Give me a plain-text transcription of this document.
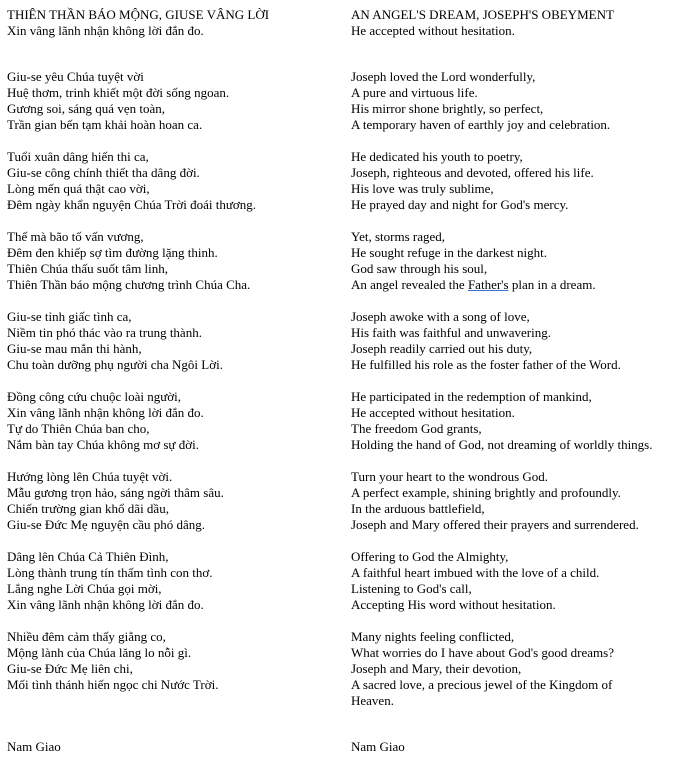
THIÊN THẦN BÁO MỘNG, GIUSE VÂNG LỜI
Xin vâng lãnh nhận không lời đắn đo.
Giu-se yêu Chúa tuyệt vời
Huệ thơm, trinh khiết một đời sống ngoan.
Gương soi, sáng quá vẹn toàn,
Trần gian bến tạm khải hoàn hoan ca.
Tuổi xuân dâng hiến thi ca,
Giu-se công chính thiết tha dâng đời.
Lòng mến quá thật cao vời,
Đêm ngày khẩn nguyện Chúa Trời đoái thương.
Thế mà bão tố vấn vương,
Đêm đen khiếp sợ tìm đường lặng thinh.
Thiên Chúa thấu suốt tâm linh,
Thiên Thần báo mộng chương trình Chúa Cha.
Giu-se tỉnh giấc tình ca,
Niềm tin phó thác vào ra trung thành.
Giu-se mau mắn thi hành,
Chu toàn dưỡng phụ người cha Ngôi Lời.
Đồng công cứu chuộc loài người,
Xin vâng lãnh nhận không lời đắn đo.
Tự do Thiên Chúa ban cho,
Nắm bàn tay Chúa không mơ sự đời.
Hướng lòng lên Chúa tuyệt vời.
Mẫu gương trọn hảo, sáng ngời thâm sâu.
Chiến trường gian khổ dãi dầu,
Giu-se Đức Mẹ nguyện cầu phó dâng.
Dâng lên Chúa Cả Thiên Đình,
Lòng thành trung tín thấm tình con thơ.
Lắng nghe Lời Chúa gọi mời,
Xin vâng lãnh nhận không lời đắn đo.
Nhiều đêm cảm thấy giằng co,
Mộng lành của Chúa lăng lo nỗi gì.
Giu-se Đức Mẹ liên chi,
Mối tình thánh hiến ngọc chi Nước Trời.
AN ANGEL'S DREAM, JOSEPH'S OBEYMENT
He accepted without hesitation.
Joseph loved the Lord wonderfully,
A pure and virtuous life.
His mirror shone brightly, so perfect,
A temporary haven of earthly joy and celebration.
He dedicated his youth to poetry,
Joseph, righteous and devoted, offered his life.
His love was truly sublime,
He prayed day and night for God's mercy.
Yet, storms raged,
He sought refuge in the darkest night.
God saw through his soul,
An angel revealed the Father's plan in a dream.
Joseph awoke with a song of love,
His faith was faithful and unwavering.
Joseph readily carried out his duty,
He fulfilled his role as the foster father of the Word.
He participated in the redemption of mankind,
He accepted without hesitation.
The freedom God grants,
Holding the hand of God, not dreaming of worldly things.
Turn your heart to the wondrous God.
A perfect example, shining brightly and profoundly.
In the arduous battlefield,
Joseph and Mary offered their prayers and surrendered.
Offering to God the Almighty,
A faithful heart imbued with the love of a child.
Listening to God's call,
Accepting His word without hesitation.
Many nights feeling conflicted,
What worries do I have about God's good dreams?
Joseph and Mary, their devotion,
A sacred love, a precious jewel of the Kingdom of Heaven.
Nam Giao	Nam Giao
